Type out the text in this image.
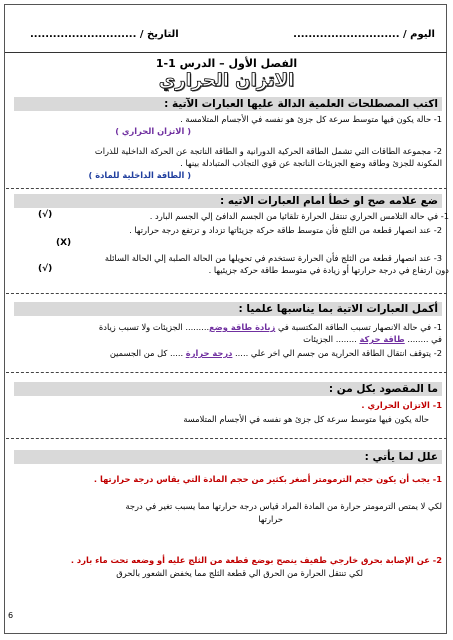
اليوم / ............................
التاريخ / ............................
الفصل الأول – الدرس 1-1
الاتزان الحراري
اكتب المصطلحات العلمية الدالة عليها العبارات الآتية :
1- حالة يكون فيها متوسط سرعة كل جزئ هو نفسه في الأجسام المتلامسة .
( الاتزان الحراري )
2- مجموعة الطاقات التي تشمل الطاقة الحركية الدورانية و الطاقة الناتجة عن الحركة الداخلية للذرات
المكونة للجزئ وطاقة وضع الجزيئات الناتجة عن قوي التجاذب المتبادلة بينها .
( الطاقة الداخلية للمادة )
ضع علامه صح او خطأ امام العبارات الاتيه :
1- في حالة التلامس الحراري تنتقل الحرارة تلقائيا من الجسم الدافئ إلي الجسم البارد .
(√)
2- عند انصهار قطعة من الثلج فأن متوسط طاقة حركة جزيئاتها تزداد و ترتفع درجة حرارتها .
(X)
3- عند انصهار قطعة من الثلج فأن الحرارة تستخدم في تحويلها من الحالة الصلبة إلي الحالة السائلة
دون ارتفاع في درجة حرارتها أو زيادة في متوسط طاقة حركة جزيئيها .
(√)
أكمل العبارات الاتية بما يناسبها علميا :
1- في حالة الانصهار تسبب الطاقة المكتسبة في زيادة طاقة وضع......... الجزيئات ولا تسبب زيادة
في ........ طاقة حركة ........ الجزيئات
2- يتوقف انتقال الطاقة الحرارية من جسم الي اخر علي ..... درجة حرارة ..... كل من الجسمين
ما المقصود بكل من :
1- الاتزان الحراري .
حالة يكون فيها متوسط سرعة كل جزئ هو نفسه في الأجسام المتلامسة
علل لما يأتي :
1- يجب أن يكون حجم الترمومتر أصغر بكثير من حجم المادة التي يقاس درجة حرارتها .
لكي لا يمتص الترمومتر حرارة من المادة المراد قياس درجة حرارتها مما يسبب تغير في درجة
حرارتها
2- عن الإصابة بحرق خارجي طفيف ينصح بوضع قطعة من الثلج عليه أو وضعه تحت ماء بارد .
لكي تنتقل الحرارة من الحرق الي قطعة الثلج مما يخفض الشعور بالحرق
6
